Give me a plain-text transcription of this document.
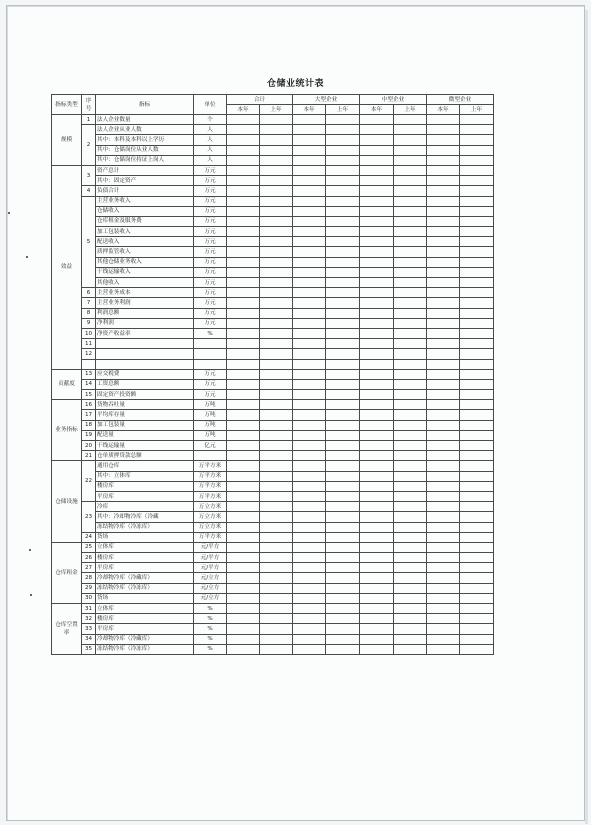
仓储业统计表
指标类型	序号	指标	单位	合计		大型企业		中型企业		微型企业	
				本年	上年	本年	上年	本年	上年	本年	上年
规模	1	法人企业数量	个								
	2	法人企业从业人数	人								
		其中：本科及本科以上学历	人								
		其中：仓储岗位从业人数	人								
		其中：仓储岗位持证上岗人	人								
效益	3	资产总计	万元								
		其中：固定资产	万元								
	4	负债合计	万元								
	5	主营业务收入	万元								
		仓储收入	万元								
		仓库租金及服务费	万元								
		加工包装收入	万元								
		配送收入	万元								
		质押监管收入	万元								
		其他仓储业务收入	万元								
		干线运输收入	万元								
		其他收入	万元								
	6	主营业务成本	万元								
	7	主营业务利润	万元								
	8	利润总额	万元								
	9	净利润	万元								
	10	净资产收益率	%								
	11										
	12										

贡献度	13	应交税费	万元								
	14	工资总额	万元								
	15	固定资产投资额	万元								
业务指标	16	货物吞吐量	万吨								
	17	平均库存量	万吨								
	18	加工包装量	万吨								
	19	配送量	万吨								
	20	干线运输量	亿元								
	21	仓单质押贷款总额									
仓储设施	22	通用仓库	万平方米								
		其中：立体库	万平方米								
		楼房库	万平方米								
		平房库	万平方米								
	23	冷库	万立方米								
		其中：冷却物冷库（冷藏	万立方米								
		冻结物冷库（冷冻库）	万立方米								
	24	货场	万平方米								
仓库租金	25	立体库	元/平方								
	26	楼房库	元/平方								
	27	平房库	元/平方								
	28	冷却物冷库（冷藏库）	元/立方								
	29	冻结物冷库（冷冻库）	元/立方								
	30	货场	元/立方								
仓库空置率	31	立体库	%								
	32	楼房库	%								
	33	平房库	%								
	34	冷却物冷库（冷藏库）	%								
	35	冻结物冷库（冷冻库）	%								
